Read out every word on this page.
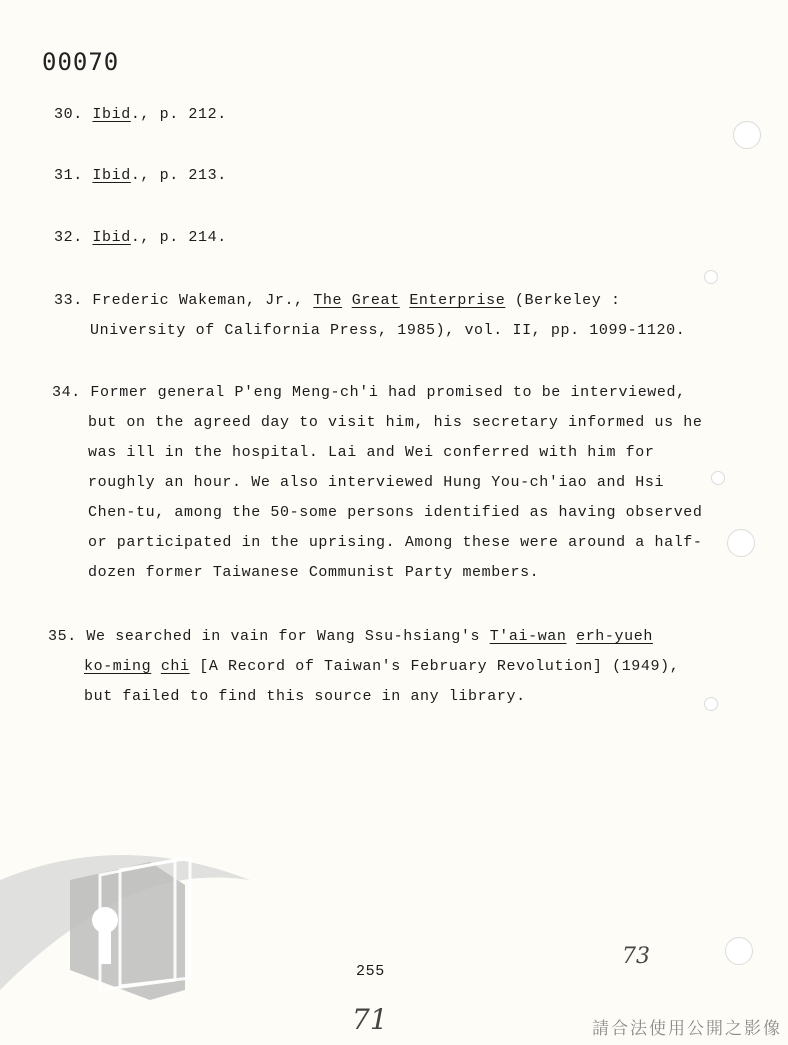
00070
30. Ibid., p. 212.
31. Ibid., p. 213.
32. Ibid., p. 214.
33. Frederic Wakeman, Jr., The Great Enterprise (Berkeley :
University of California Press, 1985), vol. II, pp. 1099-1120.
34. Former general P'eng Meng-ch'i had promised to be interviewed,
but on the agreed day to visit him, his secretary informed us he
was ill in the hospital. Lai and Wei conferred with him for
roughly an hour. We also interviewed Hung You-ch'iao and Hsi
Chen-tu, among the 50-some persons identified as having observed
or participated in the uprising. Among these were around a half-
dozen former Taiwanese Communist Party members.
35. We searched in vain for Wang Ssu-hsiang's T'ai-wan erh-yueh
ko-ming chi [A Record of Taiwan's February Revolution] (1949),
but failed to find this source in any library.
255
73
71	請合法使用公開之影像
